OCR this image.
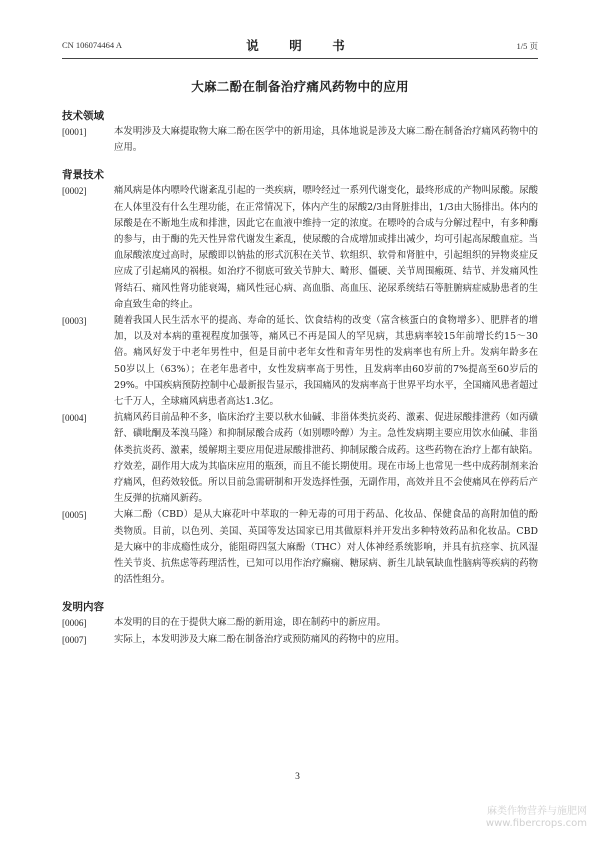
CN 106074464 A	说　明　书	1/5 页
大麻二酚在制备治疗痛风药物中的应用
技术领域

[0001]	本发明涉及大麻提取物大麻二酚在医学中的新用途，具体地说是涉及大麻二酚在制备治疗痛风药物中的应用。

背景技术

[0002]	痛风病是体内嘌呤代谢紊乱引起的一类疾病，嘌呤经过一系列代谢变化，最终形成的产物叫尿酸。尿酸在人体里没有什么生理功能，在正常情况下，体内产生的尿酸2/3由肾脏排出，1/3由大肠排出。体内的尿酸是在不断地生成和排泄，因此它在血液中维持一定的浓度。在嘌呤的合成与分解过程中，有多种酶的参与，由于酶的先天性异常代谢发生紊乱，使尿酸的合成增加或排出减少，均可引起高尿酸血症。当血尿酸浓度过高时，尿酸即以钠盐的形式沉积在关节、软组织、软骨和肾脏中，引起组织的异物炎症反应成了引起痛风的祸根。如治疗不彻底可致关节肿大、畸形、僵硬、关节周围瘢斑、结节、并发痛风性肾结石、痛风性肾功能衰竭，痛风性冠心病、高血脂、高血压、泌尿系统结石等脏腑病症威胁患者的生命直致生命的终止。

[0003]	随着我国人民生活水平的提高、寿命的延长、饮食结构的改变（富含核蛋白的食物增多）、肥胖者的增加，以及对本病的重视程度加强等，痛风已不再是国人的罕见病，其患病率较15年前增长约15～30倍。痛风好发于中老年男性中，但是目前中老年女性和青年男性的发病率也有所上升。发病年龄多在50岁以上（63%）；在老年患者中，女性发病率高于男性，且发病率由60岁前的7%提高至60岁后的29%。中国疾病预防控制中心最新报告显示，我国痛风的发病率高于世界平均水平，全国痛风患者超过七千万人，全球痛风病患者高达1.3亿。

[0004]	抗痛风药目前品种不多，临床治疗主要以秋水仙碱、非甾体类抗炎药、激素、促进尿酸排泄药（如丙磺舒、磺吡酮及苯溴马隆）和抑制尿酸合成药（如别嘌呤醇）为主。急性发病期主要应用饮水仙碱、非甾体类抗炎药、激素，缓解期主要应用促进尿酸排泄药、抑制尿酸合成药。这些药物在治疗上都有缺陷。疗效差，副作用大成为其临床应用的瓶颈，而且不能长期使用。现在市场上也常见一些中成药制剂来治疗痛风，但药效较低。所以目前急需研制和开发选择性强，无副作用，高效并且不会使痛风在停药后产生反弹的抗痛风新药。

[0005]	大麻二酚（CBD）是从大麻花叶中萃取的一种无毒的可用于药品、化妆品、保健食品的高附加值的酚类物质。目前，以色列、美国、英国等发达国家已用其做原料并开发出多种特效药品和化妆品。CBD是大麻中的非成瘾性成分，能阻碍四氢大麻酚（THC）对人体神经系统影响，并具有抗痉挛、抗风湿性关节炎、抗焦虑等药理活性，已知可以用作治疗癫痫、糖尿病、新生儿缺氧缺血性脑病等疾病的药物的活性组分。

发明内容

[0006]	本发明的目的在于提供大麻二酚的新用途，即在制药中的新应用。

[0007]	实际上，本发明涉及大麻二酚在制备治疗或预防痛风的药物中的应用。

3
麻类作物营养与施肥网
www.fibercrops.com
